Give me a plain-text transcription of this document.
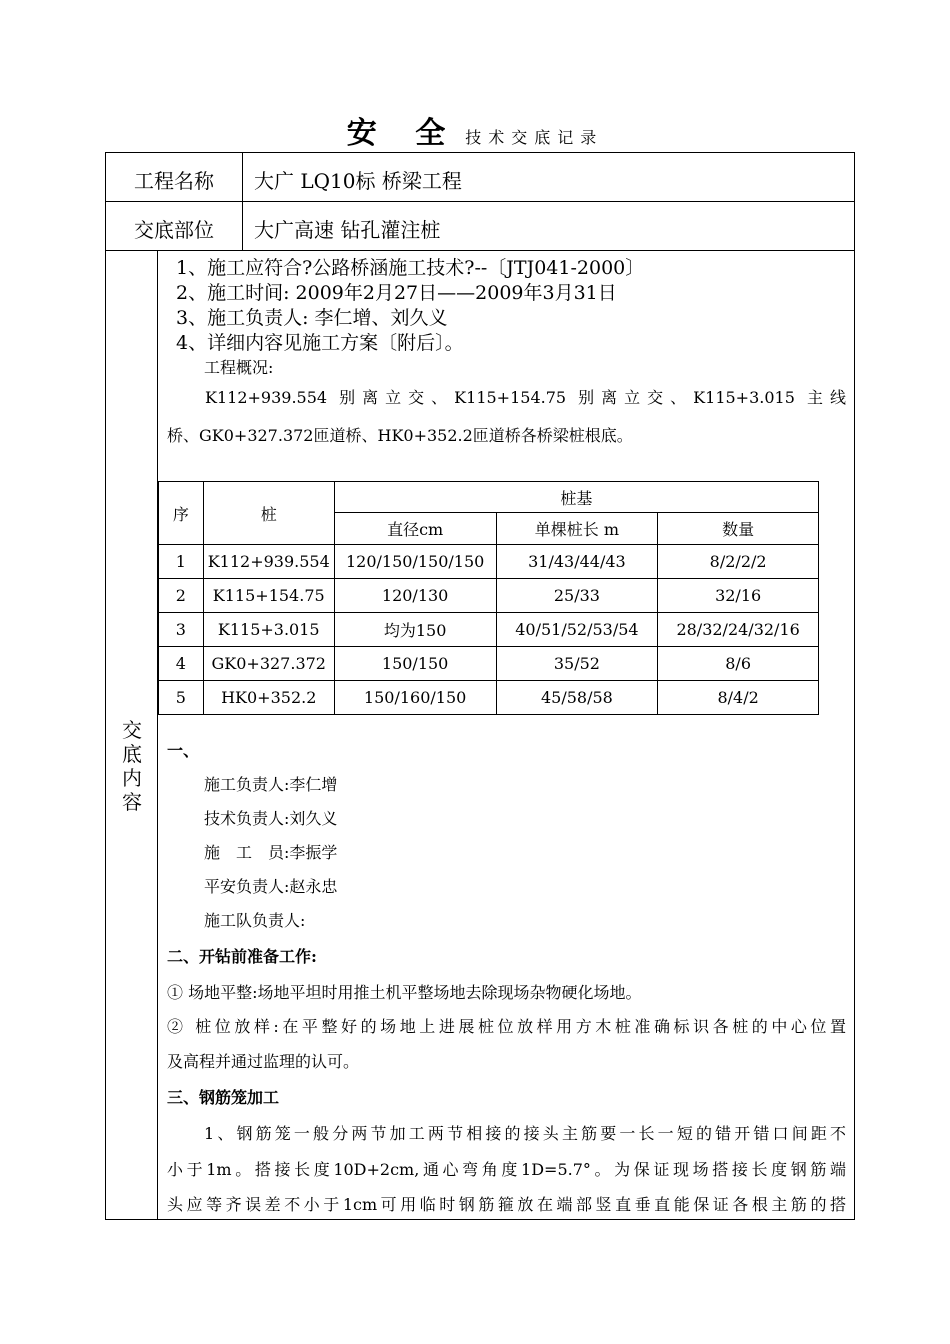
安 全 技术交底记录
工程名称	大广 LQ10标 桥梁工程
交底部位	大广高速 钻孔灌注桩
交
底
内
容
1、施工应符合?公路桥涵施工技术?--〔JTJ041-2000〕
2、施工时间: 2009年2月27日——2009年3月31日
3、施工负责人: 李仁增、刘久义
4、详细内容见施工方案〔附后〕。
工程概况:
K112+939.554 别离立交、K115+154.75 别离立交、K115+3.015 主线
桥、GK0+327.372匝道桥、HK0+352.2匝道桥各桥梁桩根底。
序	桩	桩基		
		直径cm	单棵桩长 m	数量
1	K112+939.554	120/150/150/150	31/43/44/43	8/2/2/2
2	K115+154.75	120/130	25/33	32/16
3	K115+3.015	均为150	40/51/52/53/54	28/32/24/32/16
4	GK0+327.372	150/150	35/52	8/6
5	HK0+352.2	150/160/150	45/58/58	8/4/2
一、
施工负责人:李仁增
技术负责人:刘久义
施　工　员:李振学
平安负责人:赵永忠
施工队负责人:
二、开钻前准备工作:
① 场地平整:场地平坦时用推土机平整场地去除现场杂物硬化场地。
② 桩位放样:在平整好的场地上进展桩位放样用方木桩准确标识各桩的中心位置
及高程并通过监理的认可。
三、钢筋笼加工
1、钢筋笼一般分两节加工两节相接的接头主筋要一长一短的错开错口间距不
小于1m。搭接长度10D+2cm,通心弯角度1D=5.7°。为保证现场搭接长度钢筋端
头应等齐误差不小于1cm可用临时钢筋箍放在端部竖直垂直能保证各根主筋的搭
